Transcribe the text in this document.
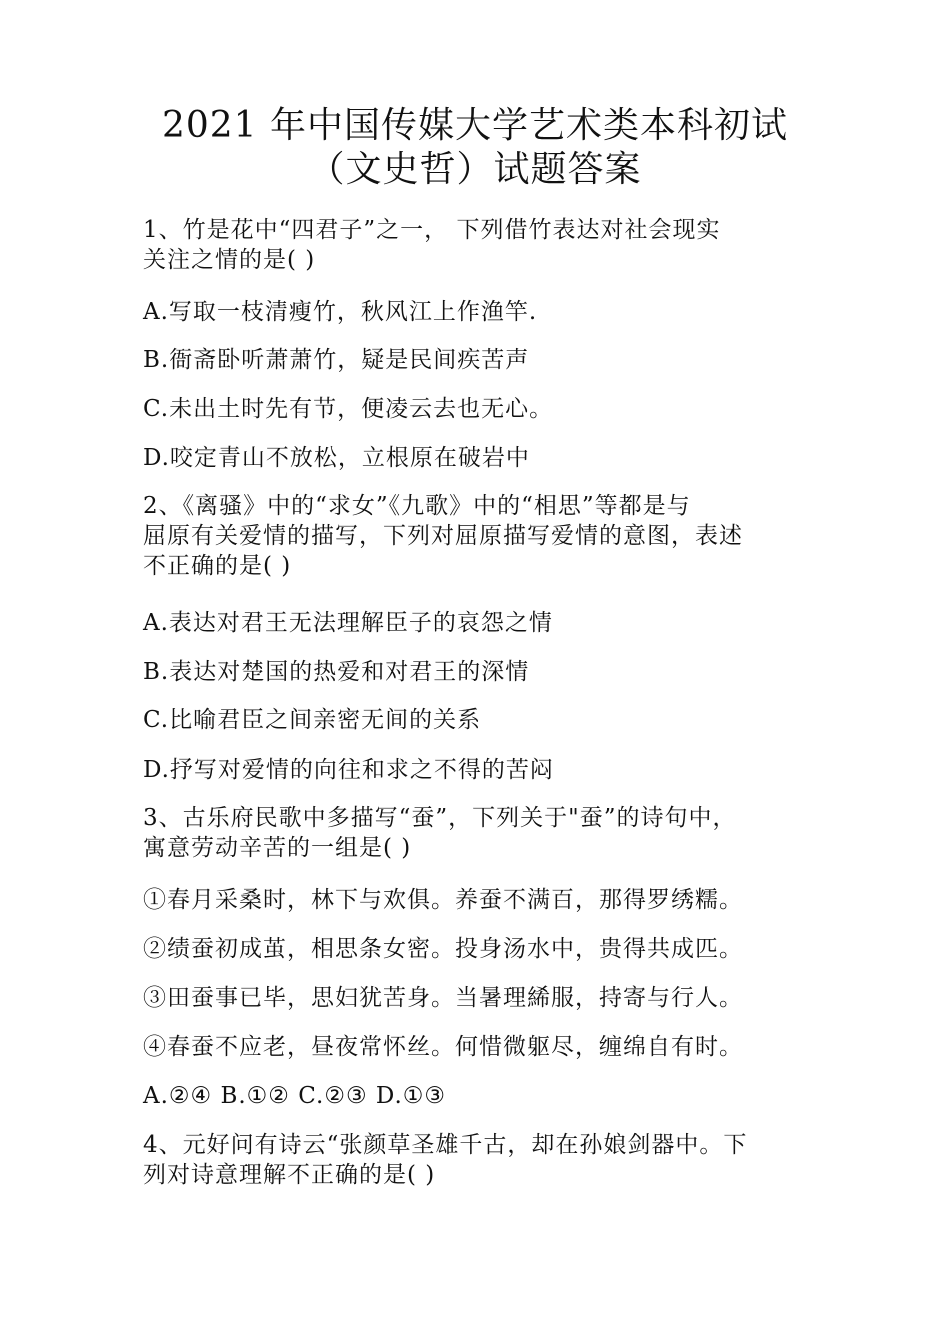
2021 年中国传媒大学艺术类本科初试
（文史哲）试题答案
1、竹是花中“四君子”之一， 下列借竹表达对社会现实
关注之情的是( )
A.写取一枝清瘦竹，秋风江上作渔竿.
B.衙斋卧听萧萧竹，疑是民间疾苦声
C.未出土时先有节，便凌云去也无心。
D.咬定青山不放松，立根原在破岩中
2、《离骚》中的“求女”《九歌》中的“相思”等都是与
屈原有关爱情的描写，下列对屈原描写爱情的意图，表述
不正确的是( )
A.表达对君王无法理解臣子的哀怨之情
B.表达对楚国的热爱和对君王的深情
C.比喻君臣之间亲密无间的关系
D.抒写对爱情的向往和求之不得的苦闷
3、古乐府民歌中多描写“蚕”，下列关于"蚕”的诗句中，
寓意劳动辛苦的一组是( )
①春月采桑时，林下与欢俱。养蚕不满百，那得罗绣糯。
②绩蚕初成茧，相思条女密。投身汤水中，贵得共成匹。
③田蚕事已毕，思妇犹苦身。当暑理絺服，持寄与行人。
④春蚕不应老，昼夜常怀丝。何惜微躯尽，缠绵自有时。
A.②④ B.①② C.②③ D.①③
4、元好问有诗云“张颜草圣雄千古，却在孙娘剑器中。下
列对诗意理解不正确的是( )
